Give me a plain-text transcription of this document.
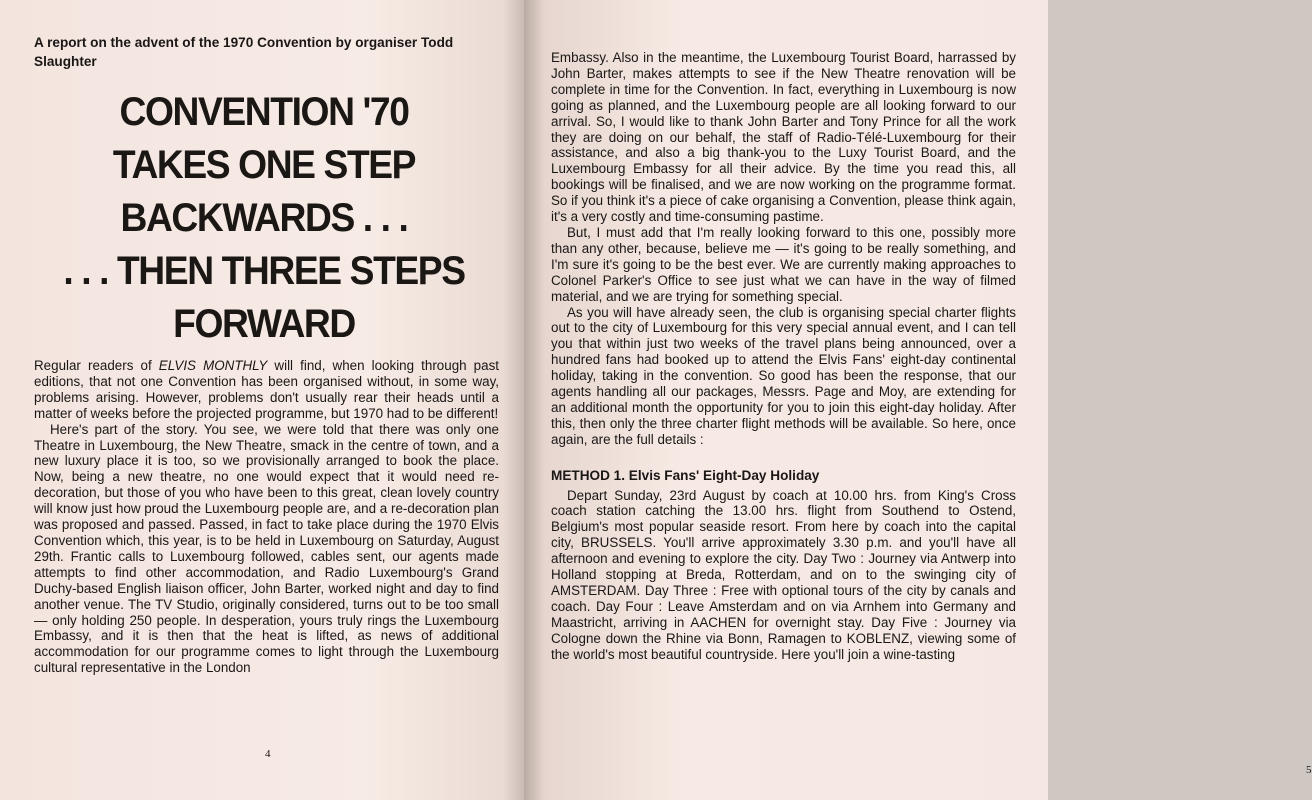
A report on the advent of the 1970 Convention by organiser Todd Slaughter
CONVENTION '70
TAKES ONE STEP
BACKWARDS . . .
. . . THEN THREE STEPS
FORWARD

Regular readers of ELVIS MONTHLY will find, when looking through past editions, that not one Convention has been organised without, in some way, problems arising. However, problems don't usually rear their heads until a matter of weeks before the projected programme, but 1970 had to be different!

Here's part of the story. You see, we were told that there was only one Theatre in Luxembourg, the New Theatre, smack in the centre of town, and a new luxury place it is too, so we provisionally arranged to book the place. Now, being a new theatre, no one would expect that it would need re-decoration, but those of you who have been to this great, clean lovely country will know just how proud the Luxembourg people are, and a re-decoration plan was proposed and passed. Passed, in fact to take place during the 1970 Elvis Convention which, this year, is to be held in Luxembourg on Saturday, August 29th. Frantic calls to Luxembourg followed, cables sent, our agents made attempts to find other accommodation, and Radio Luxembourg's Grand Duchy-based English liaison officer, John Barter, worked night and day to find another venue. The TV Studio, originally considered, turns out to be too small — only holding 250 people. In desperation, yours truly rings the Luxembourg Embassy, and it is then that the heat is lifted, as news of additional accommodation for our programme comes to light through the Luxembourg cultural representative in the London

4
5

Embassy. Also in the meantime, the Luxembourg Tourist Board, harrassed by John Barter, makes attempts to see if the New Theatre renovation will be complete in time for the Convention. In fact, everything in Luxembourg is now going as planned, and the Luxembourg people are all looking forward to our arrival. So, I would like to thank John Barter and Tony Prince for all the work they are doing on our behalf, the staff of Radio-Télé-Luxembourg for their assistance, and also a big thank-you to the Luxy Tourist Board, and the Luxembourg Embassy for all their advice. By the time you read this, all bookings will be finalised, and we are now working on the programme format. So if you think it's a piece of cake organising a Convention, please think again, it's a very costly and time-consuming pastime.

But, I must add that I'm really looking forward to this one, possibly more than any other, because, believe me — it's going to be really something, and I'm sure it's going to be the best ever. We are currently making approaches to Colonel Parker's Office to see just what we can have in the way of filmed material, and we are trying for something special.

As you will have already seen, the club is organising special charter flights out to the city of Luxembourg for this very special annual event, and I can tell you that within just two weeks of the travel plans being announced, over a hundred fans had booked up to attend the Elvis Fans' eight-day continental holiday, taking in the convention. So good has been the response, that our agents handling all our packages, Messrs. Page and Moy, are extending for an additional month the opportunity for you to join this eight-day holiday. After this, then only the three charter flight methods will be available. So here, once again, are the full details :

METHOD 1. Elvis Fans' Eight-Day Holiday

Depart Sunday, 23rd August by coach at 10.00 hrs. from King's Cross coach station catching the 13.00 hrs. flight from Southend to Ostend, Belgium's most popular seaside resort. From here by coach into the capital city, BRUSSELS. You'll arrive approximately 3.30 p.m. and you'll have all afternoon and evening to explore the city. Day Two : Journey via Antwerp into Holland stopping at Breda, Rotterdam, and on to the swinging city of AMSTERDAM. Day Three : Free with optional tours of the city by canals and coach. Day Four : Leave Amsterdam and on via Arnhem into Germany and Maastricht, arriving in AACHEN for overnight stay. Day Five : Journey via Cologne down the Rhine via Bonn, Ramagen to KOBLENZ, viewing some of the world's most beautiful countryside. Here you'll join a wine-tasting
